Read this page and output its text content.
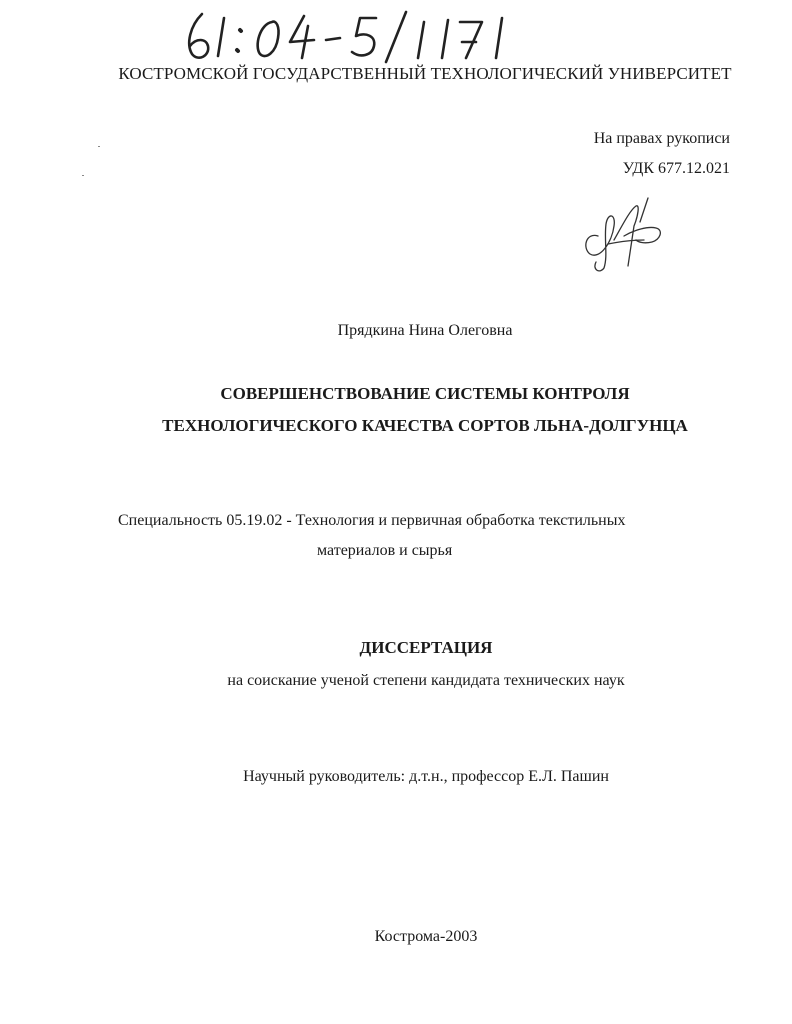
КОСТРОМСКОЙ ГОСУДАРСТВЕННЫЙ ТЕХНОЛОГИЧЕСКИЙ УНИВЕРСИТЕТ
На правах рукописи
УДК 677.12.021
Прядкина Нина Олеговна
СОВЕРШЕНСТВОВАНИЕ СИСТЕМЫ КОНТРОЛЯ
ТЕХНОЛОГИЧЕСКОГО КАЧЕСТВА СОРТОВ ЛЬНА-ДОЛГУНЦА
Специальность 05.19.02 - Технология и первичная обработка текстильных
материалов и сырья
ДИССЕРТАЦИЯ
на соискание ученой степени кандидата технических наук
Научный руководитель: д.т.н., профессор Е.Л. Пашин
Кострома-2003
